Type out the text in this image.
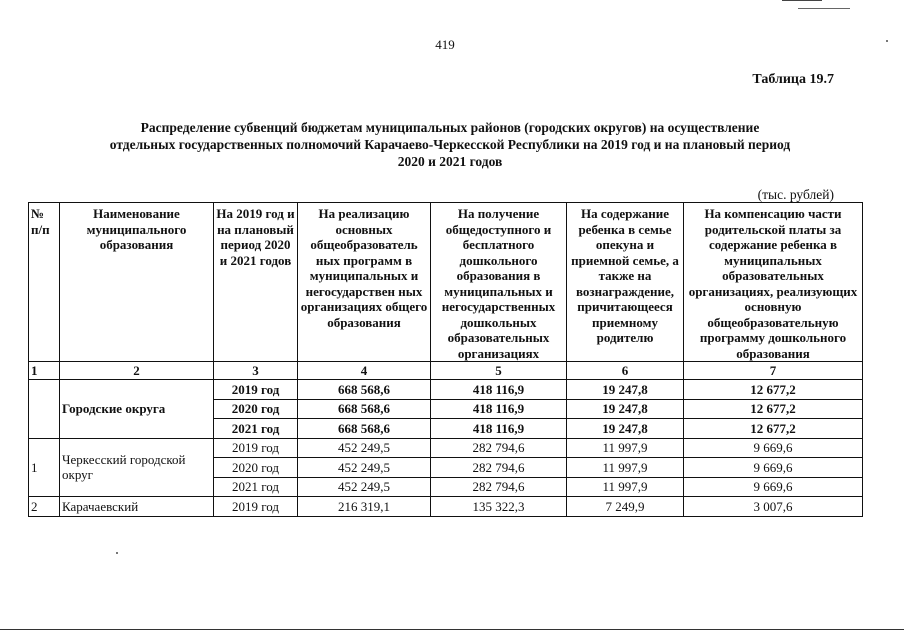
419
Таблица 19.7
Распределение субвенций бюджетам муниципальных районов (городских округов) на осуществление
отдельных государственных полномочий Карачаево-Черкесской Республики на 2019 год и на плановый период
2020 и 2021 годов
(тыс. рублей)
№ п/п	Наименование муниципального образования	На 2019 год и на плановый период 2020 и 2021 годов	На реализацию основных общеобразователь ных программ в муниципальных и негосударствен ных организациях общего образования	На получение общедоступного и бесплатного дошкольного образования в муниципальных и негосударственных дошкольных образовательных организациях	На содержание ребенка в семье опекуна и приемной семье, а также на вознаграждение, причитающееся приемному родителю	На компенсацию части родительской платы за содержание ребенка в муниципальных образовательных организациях, реализующих основную общеобразовательную программу дошкольного образования
1	2	3	4	5	6	7
	Городские округа	2019 год	668 568,6	418 116,9	19 247,8	12 677,2
		2020 год	668 568,6	418 116,9	19 247,8	12 677,2
		2021 год	668 568,6	418 116,9	19 247,8	12 677,2
1	Черкесский городской округ	2019 год	452 249,5	282 794,6	11 997,9	9 669,6
		2020 год	452 249,5	282 794,6	11 997,9	9 669,6
		2021 год	452 249,5	282 794,6	11 997,9	9 669,6
2	Карачаевский	2019 год	216 319,1	135 322,3	7 249,9	3 007,6
